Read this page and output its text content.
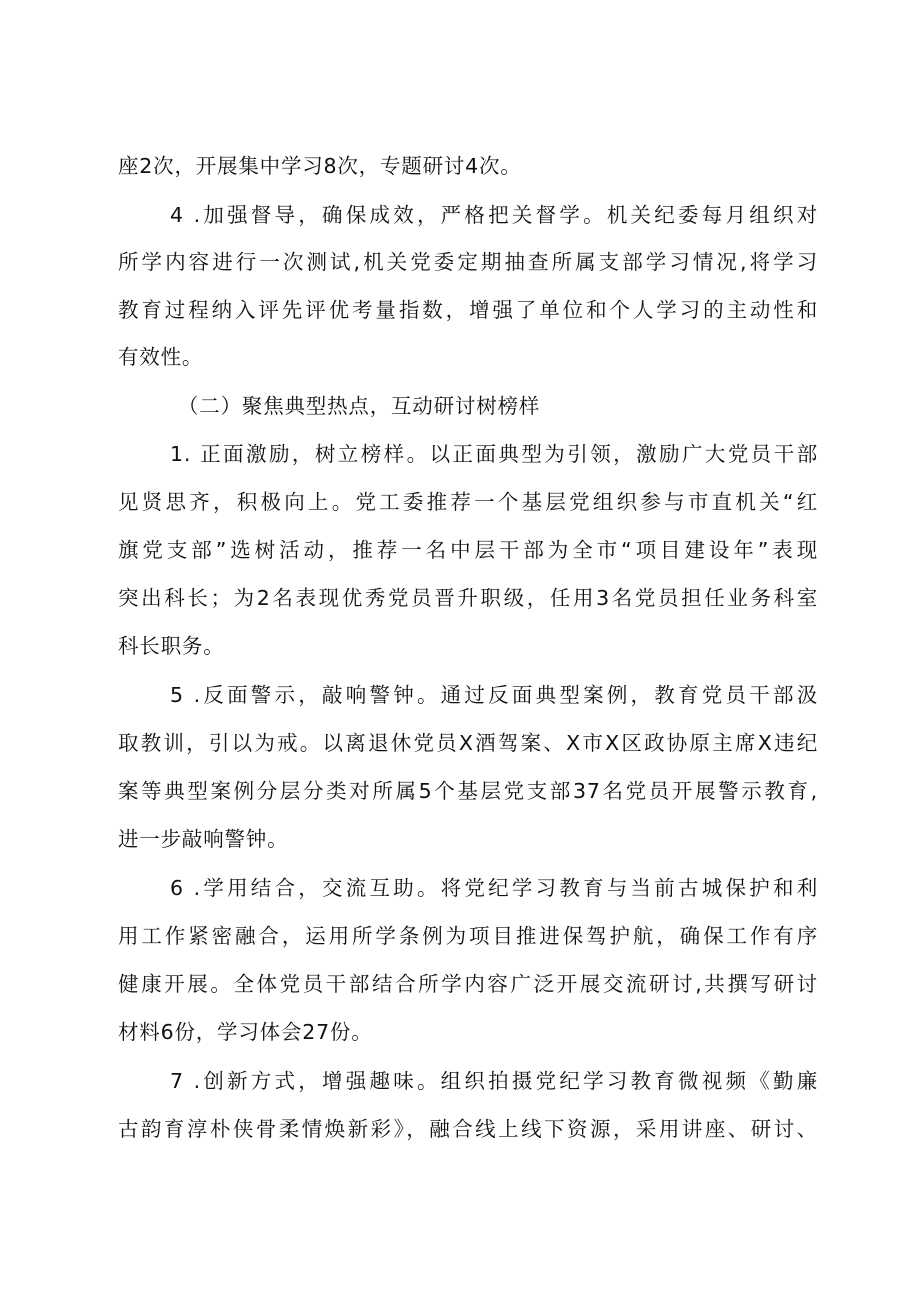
座2次，开展集中学习8次，专题研讨4次。
4 .加强督导，确保成效，严格把关督学。机关纪委每月组织对
所学内容进行一次测试,机关党委定期抽查所属支部学习情况,将学习
教育过程纳入评先评优考量指数，增强了单位和个人学习的主动性和
有效性。
（二）聚焦典型热点，互动研讨树榜样
1. 正面激励，树立榜样。以正面典型为引领，激励广大党员干部
见贤思齐，积极向上。党工委推荐一个基层党组织参与市直机关“红
旗党支部”选树活动，推荐一名中层干部为全市“项目建设年”表现
突出科长；为2名表现优秀党员晋升职级，任用3名党员担任业务科室
科长职务。
5 .反面警示，敲响警钟。通过反面典型案例，教育党员干部汲
取教训，引以为戒。以离退休党员X酒驾案、X市X区政协原主席X违纪
案等典型案例分层分类对所属5个基层党支部37名党员开展警示教育,
进一步敲响警钟。
6 .学用结合，交流互助。将党纪学习教育与当前古城保护和利
用工作紧密融合，运用所学条例为项目推进保驾护航，确保工作有序
健康开展。全体党员干部结合所学内容广泛开展交流研讨,共撰写研讨
材料6份，学习体会27份。
7 .创新方式，增强趣味。组织拍摄党纪学习教育微视频《勤廉
古韵育淳朴侠骨柔情焕新彩》，融合线上线下资源，采用讲座、研讨、
